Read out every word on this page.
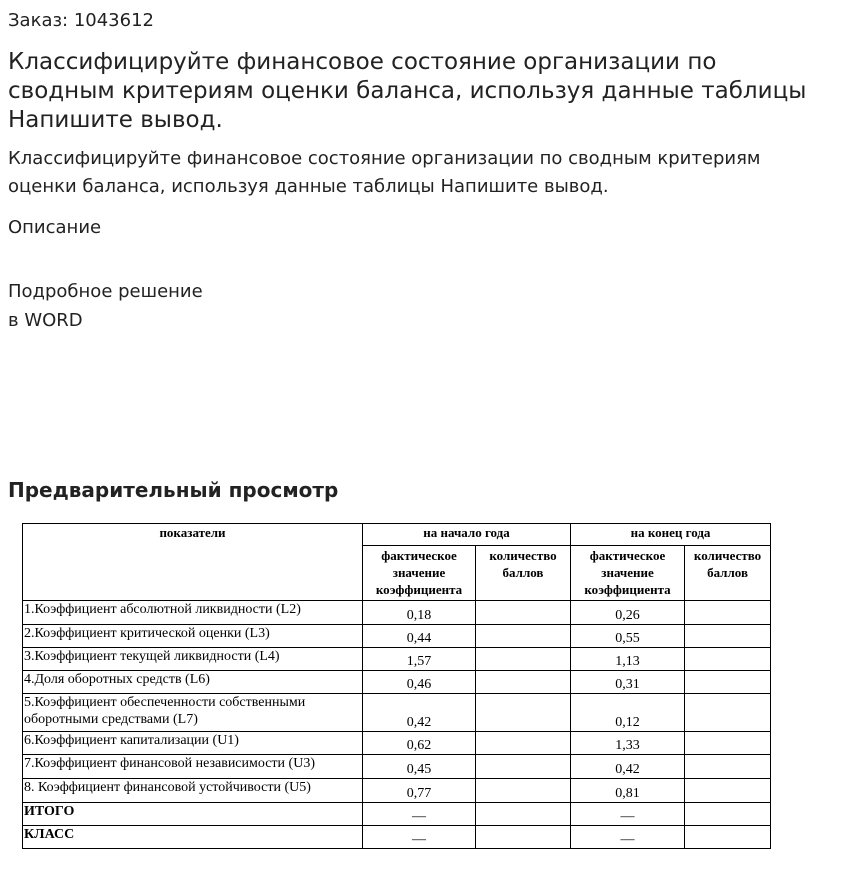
Заказ: 1043612
Классифицируйте финансовое состояние организации по сводным критериям оценки баланса, используя данные таблицы Напишите вывод.
Классифицируйте финансовое состояние организации по сводным критериям оценки баланса, используя данные таблицы Напишите вывод.
Описание
Подробное решение
в WORD
Предварительный просмотр
показатели	на начало года		на конец года	
	фактическое значение коэффициента	количество баллов	фактическое значение коэффициента	количество баллов
1.Коэффициент абсолютной ликвидности (L2)	0,18		0,26	
2.Коэффициент критической оценки (L3)	0,44		0,55	
3.Коэффициент текущей ликвидности (L4)	1,57		1,13	
4.Доля оборотных средств (L6)	0,46		0,31	
5.Коэффициент обеспеченности собственными оборотными средствами (L7)	0,42		0,12	
6.Коэффициент капитализации (U1)	0,62		1,33	
7.Коэффициент финансовой независимости (U3)	0,45		0,42	
8. Коэффициент финансовой устойчивости (U5)	0,77		0,81	
ИТОГО	—		—	
КЛАСС	—		—	
